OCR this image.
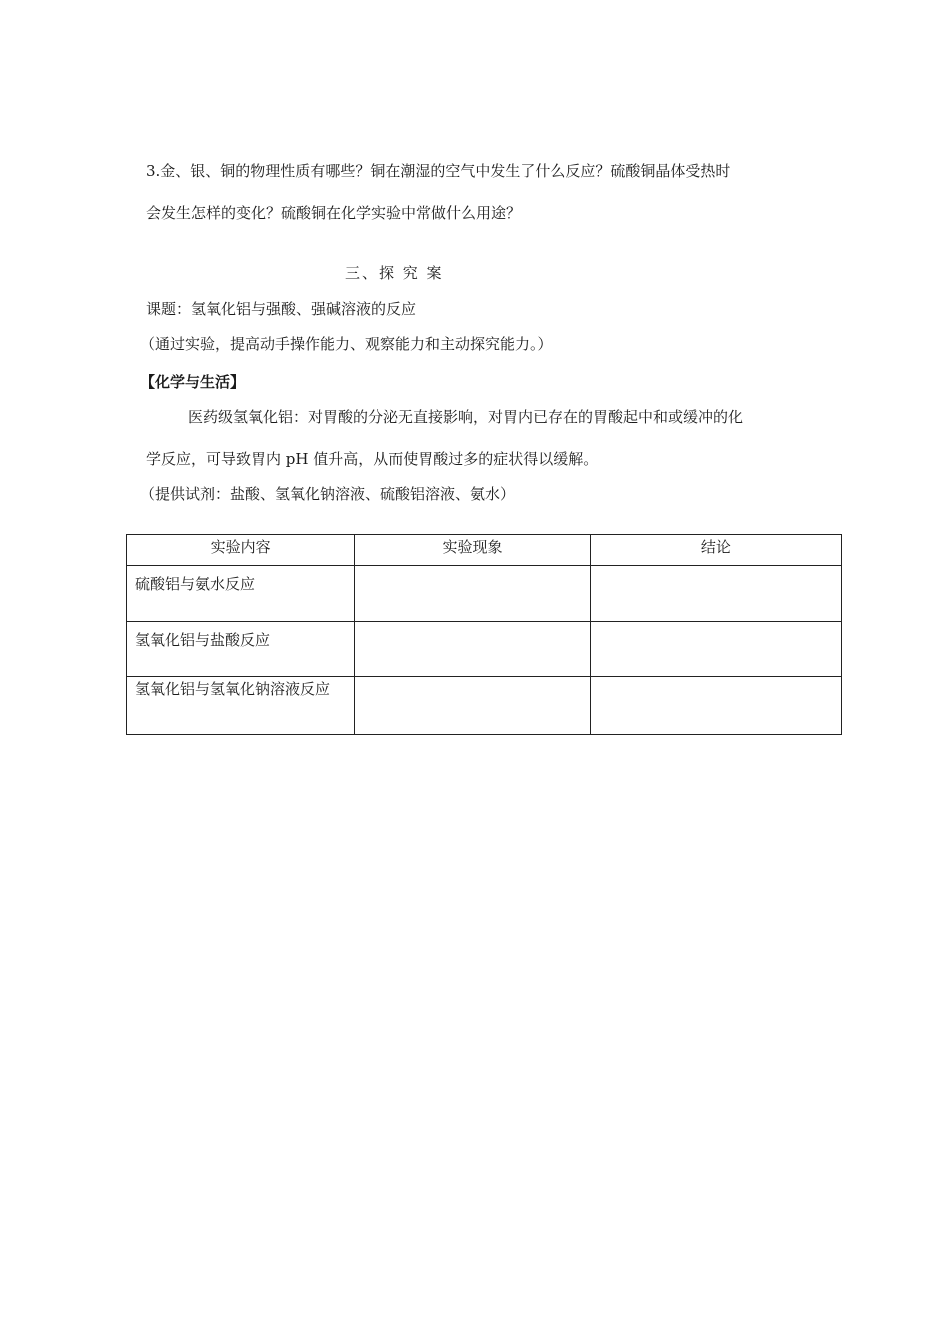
3.金、银、铜的物理性质有哪些？铜在潮湿的空气中发生了什么反应？硫酸铜晶体受热时
会发生怎样的变化？硫酸铜在化学实验中常做什么用途？
三、探 究 案
课题：氢氧化铝与强酸、强碱溶液的反应
（通过实验，提高动手操作能力、观察能力和主动探究能力。）
【化学与生活】
医药级氢氧化铝：对胃酸的分泌无直接影响，对胃内已存在的胃酸起中和或缓冲的化
学反应，可导致胃内 pH 值升高，从而使胃酸过多的症状得以缓解。
（提供试剂：盐酸、氢氧化钠溶液、硫酸铝溶液、氨水）
实验内容	实验现象	结论
硫酸铝与氨水反应		
氢氧化铝与盐酸反应		
氢氧化铝与氢氧化钠溶液反应		
